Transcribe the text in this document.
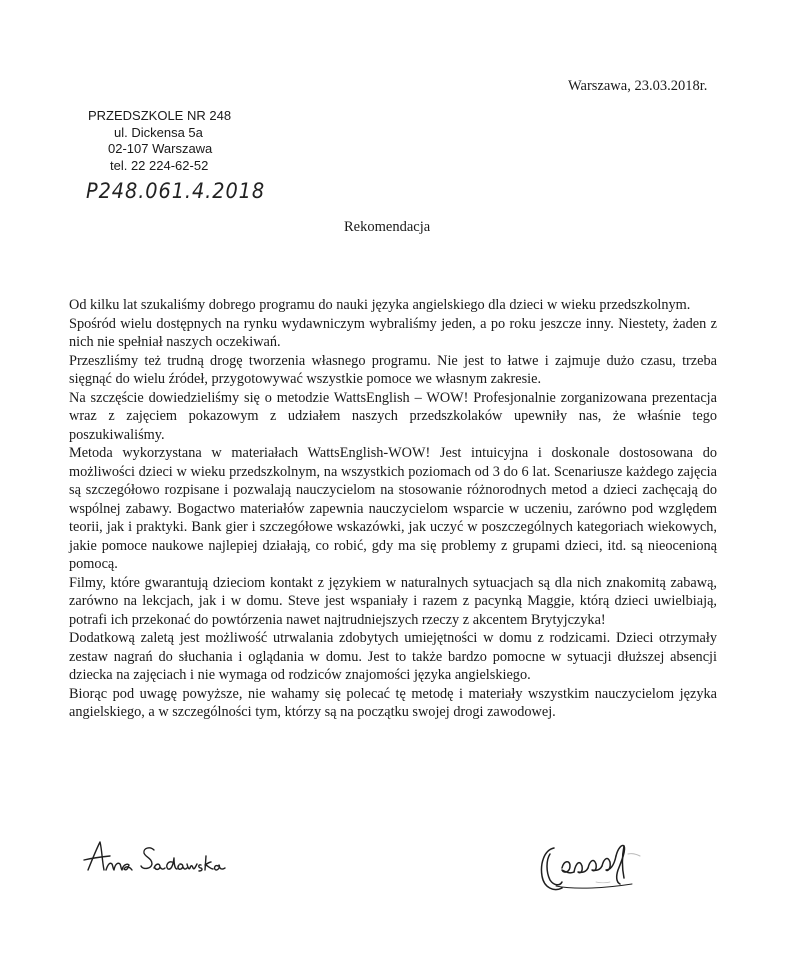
Warszawa, 23.03.2018r.
PRZEDSZKOLE NR 248
ul. Dickensa 5a
02-107 Warszawa
tel. 22 224-62-52
P248.061.4.2018
Rekomendacja

Od kilku lat szukaliśmy dobrego programu do nauki języka angielskiego dla dzieci w wieku przedszkolnym.

Spośród wielu dostępnych na rynku wydawniczym wybraliśmy jeden, a po roku jeszcze inny. Niestety, żaden z nich nie spełniał naszych oczekiwań.

Przeszliśmy też trudną drogę tworzenia własnego programu. Nie jest to łatwe i zajmuje dużo czasu, trzeba sięgnąć do wielu źródeł, przygotowywać wszystkie pomoce we własnym zakresie.

Na szczęście dowiedzieliśmy się o metodzie WattsEnglish – WOW! Profesjonalnie zorganizowana prezentacja wraz z zajęciem pokazowym z udziałem naszych przedszkolaków upewniły nas, że właśnie tego poszukiwaliśmy.

Metoda wykorzystana w materiałach WattsEnglish-WOW! Jest intuicyjna i doskonale dostosowana do możliwości dzieci w wieku przedszkolnym, na wszystkich poziomach od 3 do 6 lat. Scenariusze każdego zajęcia są szczegółowo rozpisane i pozwalają nauczycielom na stosowanie różnorodnych metod a dzieci zachęcają do wspólnej zabawy. Bogactwo materiałów zapewnia nauczycielom wsparcie w uczeniu, zarówno pod względem teorii, jak i praktyki. Bank gier i szczegółowe wskazówki, jak uczyć w poszczególnych kategoriach wiekowych, jakie pomoce naukowe najlepiej działają, co robić, gdy ma się problemy z grupami dzieci, itd. są nieocenioną pomocą.

Filmy, które gwarantują dzieciom kontakt z językiem w naturalnych sytuacjach są dla nich znakomitą zabawą, zarówno na lekcjach, jak i w domu. Steve jest wspaniały i razem z pacynką Maggie, którą dzieci uwielbiają, potrafi ich przekonać do powtórzenia nawet najtrudniejszych rzeczy z akcentem Brytyjczyka!

Dodatkową zaletą jest możliwość utrwalania zdobytych umiejętności w domu z rodzicami. Dzieci otrzymały zestaw nagrań do słuchania i oglądania w domu. Jest to także bardzo pomocne w sytuacji dłuższej absencji dziecka na zajęciach i nie wymaga od rodziców znajomości języka angielskiego.

Biorąc pod uwagę powyższe, nie wahamy się polecać tę metodę i materiały wszystkim nauczycielom języka angielskiego, a w szczególności tym, którzy są na początku swojej drogi zawodowej.
